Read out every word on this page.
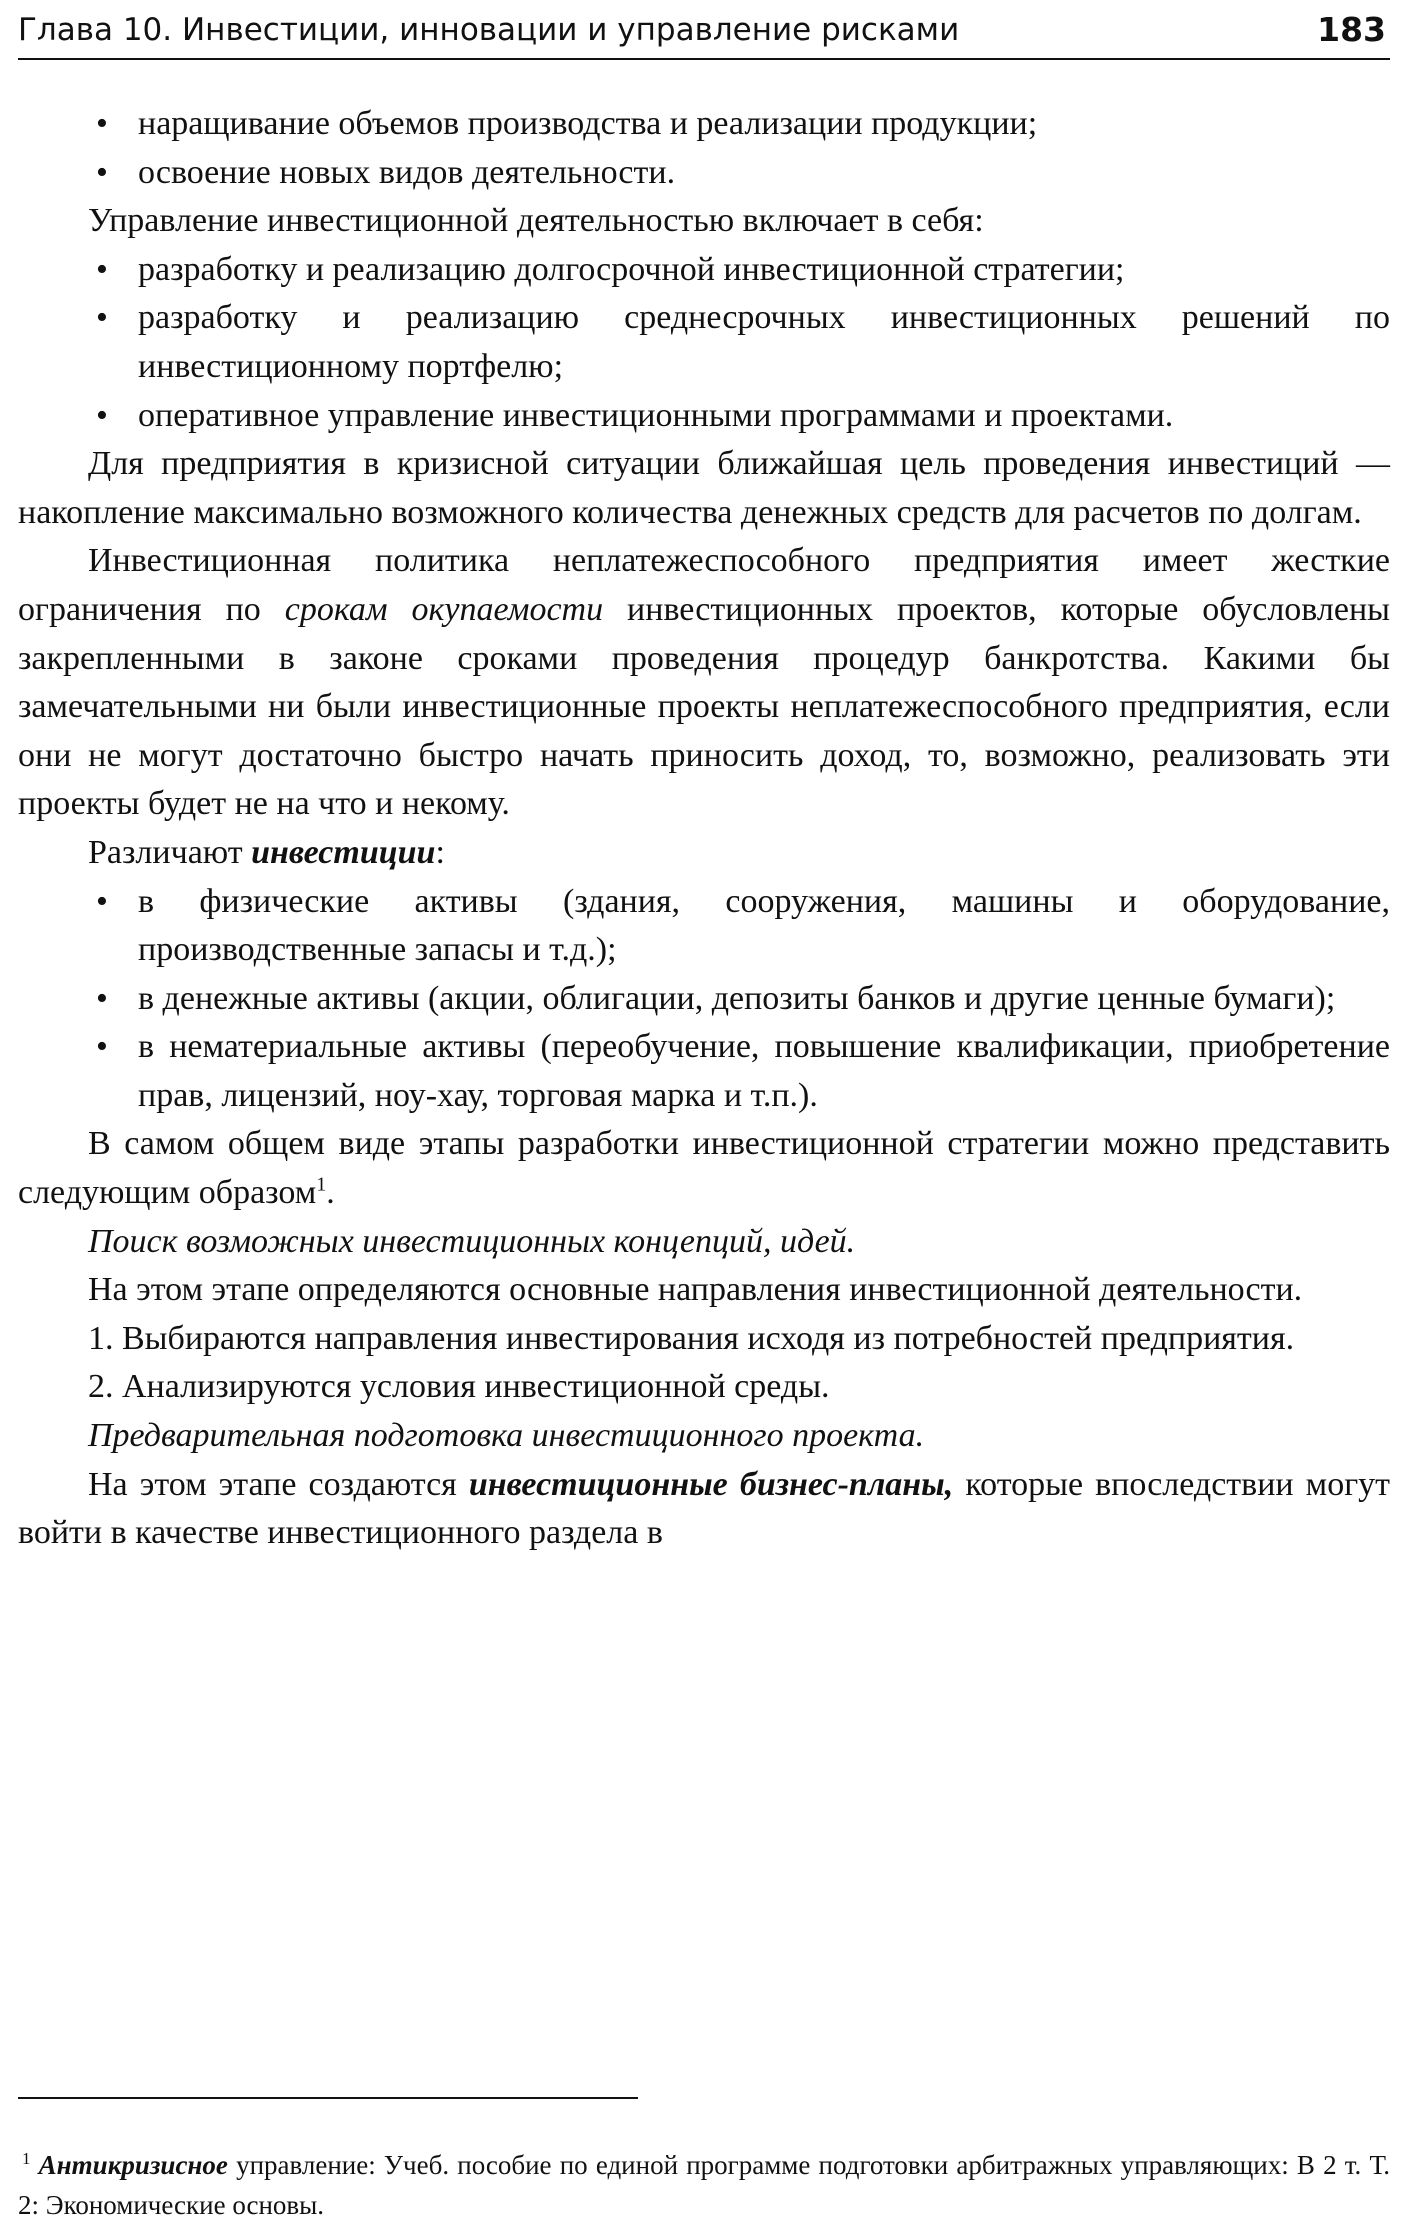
Глава 10. Инвестиции, инновации и управление рисками	183

• наращивание объемов производства и реализации продукции;

• освоение новых видов деятельности.

Управление инвестиционной деятельностью включает в себя:

• разработку и реализацию долгосрочной инвестиционной стратегии;

• разработку и реализацию среднесрочных инвестиционных решений по инвестиционному портфелю;

• оперативное управление инвестиционными программами и проектами.

Для предприятия в кризисной ситуации ближайшая цель проведения инвестиций — накопление максимально возможного количества денежных средств для расчетов по долгам.

Инвестиционная политика неплатежеспособного предприятия имеет жесткие ограничения по срокам окупаемости инвестиционных проектов, которые обусловлены закрепленными в законе сроками проведения процедур банкротства. Какими бы замечательными ни были инвестиционные проекты неплатежеспособного предприятия, если они не могут достаточно быстро начать приносить доход, то, возможно, реализовать эти проекты будет не на что и некому.

Различают инвестиции:

• в физические активы (здания, сооружения, машины и оборудование, производственные запасы и т.д.);

• в денежные активы (акции, облигации, депозиты банков и другие ценные бумаги);

• в нематериальные активы (переобучение, повышение квалификации, приобретение прав, лицензий, ноу-хау, торговая марка и т.п.).

В самом общем виде этапы разработки инвестиционной стратегии можно представить следующим образом$^1$.

Поиск возможных инвестиционных концепций, идей.

На этом этапе определяются основные направления инвестиционной деятельности.

1. Выбираются направления инвестирования исходя из потребностей предприятия.

2. Анализируются условия инвестиционной среды.

Предварительная подготовка инвестиционного проекта.

На этом этапе создаются инвестиционные бизнес-планы, которые впоследствии могут войти в качестве инвестиционного раздела в

$^1$ Антикризисное управление: Учеб. пособие по единой программе подготовки арбитражных управляющих: В 2 т. Т. 2: Экономические основы.
